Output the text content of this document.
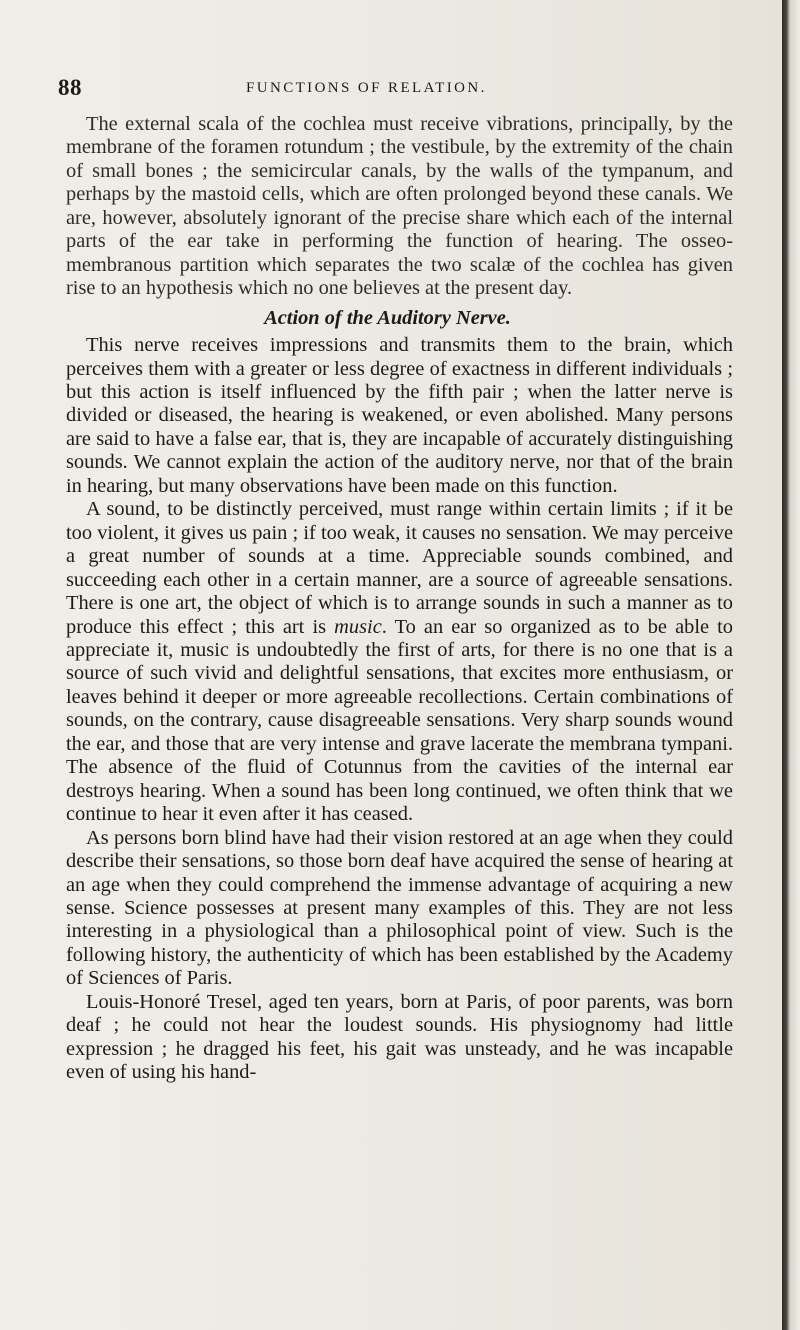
88	FUNCTIONS OF RELATION.

The external scala of the cochlea must receive vibrations, principally, by the membrane of the foramen rotundum ; the vestibule, by the extremity of the chain of small bones ; the semicircular canals, by the walls of the tympanum, and perhaps by the mastoid cells, which are often prolonged beyond these canals. We are, however, absolutely ignorant of the precise share which each of the internal parts of the ear take in performing the function of hearing. The osseo-membranous partition which separates the two scalæ of the cochlea has given rise to an hypothesis which no one believes at the present day.

Action of the Auditory Nerve.

This nerve receives impressions and transmits them to the brain, which perceives them with a greater or less degree of exactness in different individuals ; but this action is itself influenced by the fifth pair ; when the latter nerve is divided or diseased, the hearing is weakened, or even abolished. Many persons are said to have a false ear, that is, they are incapable of accurately distinguishing sounds. We cannot explain the action of the auditory nerve, nor that of the brain in hearing, but many observations have been made on this function.

A sound, to be distinctly perceived, must range within certain limits ; if it be too violent, it gives us pain ; if too weak, it causes no sensation. We may perceive a great number of sounds at a time. Appreciable sounds combined, and succeeding each other in a certain manner, are a source of agreeable sensations. There is one art, the object of which is to arrange sounds in such a manner as to produce this effect ; this art is music. To an ear so organized as to be able to appreciate it, music is undoubtedly the first of arts, for there is no one that is a source of such vivid and delightful sensations, that excites more enthusiasm, or leaves behind it deeper or more agreeable recollections. Certain combinations of sounds, on the contrary, cause disagreeable sensations. Very sharp sounds wound the ear, and those that are very intense and grave lacerate the membrana tympani. The absence of the fluid of Cotunnus from the cavities of the internal ear destroys hearing. When a sound has been long continued, we often think that we continue to hear it even after it has ceased.

As persons born blind have had their vision restored at an age when they could describe their sensations, so those born deaf have acquired the sense of hearing at an age when they could comprehend the immense advantage of acquiring a new sense. Science possesses at present many examples of this. They are not less interesting in a physiological than a philosophical point of view. Such is the following history, the authenticity of which has been established by the Academy of Sciences of Paris.

Louis-Honoré Tresel, aged ten years, born at Paris, of poor parents, was born deaf ; he could not hear the loudest sounds. His physiognomy had little expression ; he dragged his feet, his gait was unsteady, and he was incapable even of using his hand-
